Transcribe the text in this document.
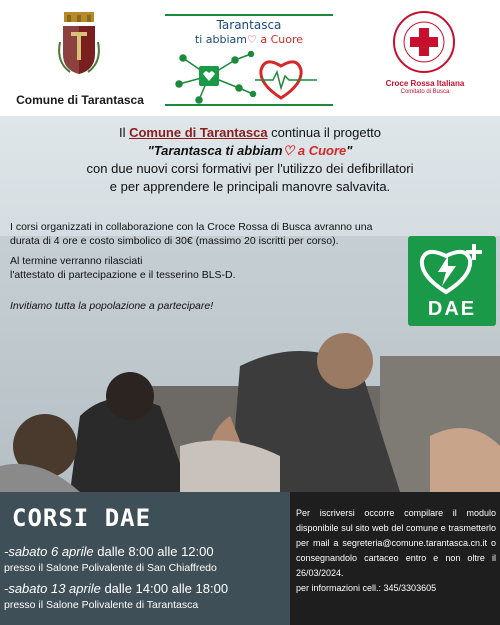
Comune di Tarantasca
Tarantasca
ti abbiam♡ a Cuore
Croce Rossa Italiana
Comitato di Busca
Il Comune di Tarantasca continua il progetto
"Tarantasca ti abbiam♡ a Cuore"
con due nuovi corsi formativi per l'utilizzo dei defibrillatori
e per apprendere le principali manovre salvavita.

I corsi organizzati in collaborazione con la Croce Rossa di Busca avranno una durata di 4 ore e costo simbolico di 30€ (massimo 20 iscritti per corso).

Al termine verranno rilasciati
l'attestato di partecipazione e il tesserino BLS-D.

Invitiamo tutta la popolazione a partecipare!	DAE
CORSI DAE
-sabato 6 aprile dalle 8:00 alle 12:00
presso il Salone Polivalente di San Chiaffredo
-sabato 13 aprile dalle 14:00 alle 18:00
presso il Salone Polivalente di Tarantasca
Per iscriversi occorre compilare il modulo disponibile sul sito web del comune e trasmetterlo per mail a segreteria@comune.tarantasca.cn.it o consegnandolo cartaceo entro e non oltre il 26/03/2024.
per informazioni cell.: 345/3303605
